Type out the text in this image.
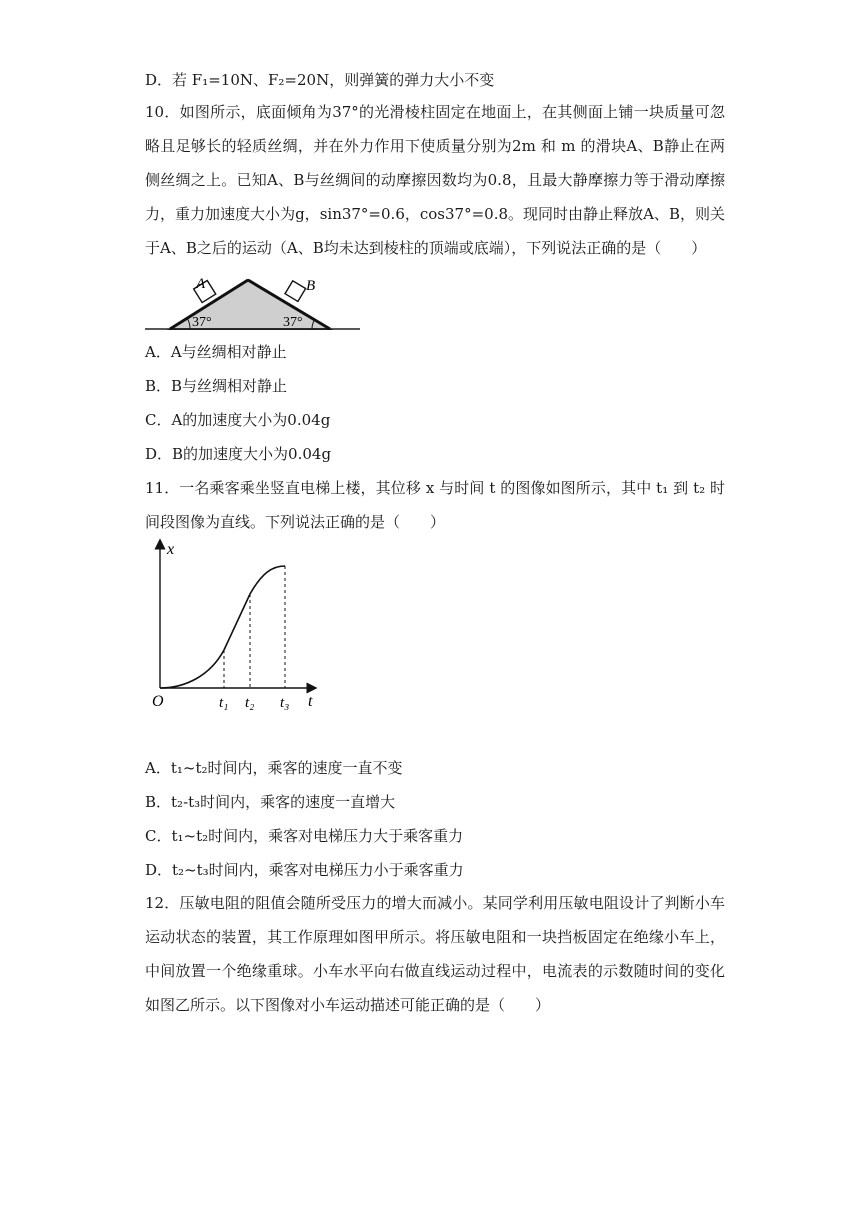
D．若 F₁=10N、F₂=20N，则弹簧的弹力大小不变
10．如图所示，底面倾角为37°的光滑棱柱固定在地面上，在其侧面上铺一块质量可忽略且足够长的轻质丝绸，并在外力作用下使质量分别为2m 和 m 的滑块A、B静止在两侧丝绸之上。已知A、B与丝绸间的动摩擦因数均为0.8，且最大静摩擦力等于滑动摩擦力，重力加速度大小为g，sin37°=0.6，cos37°=0.8。现同时由静止释放A、B，则关于A、B之后的运动（A、B均未达到棱柱的顶端或底端），下列说法正确的是（　　）
A	B
37°	37°
A．A与丝绸相对静止
B．B与丝绸相对静止
C．A的加速度大小为0.04g
D．B的加速度大小为0.04g
11．一名乘客乘坐竖直电梯上楼，其位移 x 与时间 t 的图像如图所示，其中 t₁ 到 t₂ 时间段图像为直线。下列说法正确的是（　　）
x
t
O	t₁ t₂ t₃
A．t₁~t₂时间内，乘客的速度一直不变
B．t₂-t₃时间内，乘客的速度一直增大
C．t₁~t₂时间内，乘客对电梯压力大于乘客重力
D．t₂~t₃时间内，乘客对电梯压力小于乘客重力
12．压敏电阻的阻值会随所受压力的增大而减小。某同学利用压敏电阻设计了判断小车运动状态的装置，其工作原理如图甲所示。将压敏电阻和一块挡板固定在绝缘小车上，中间放置一个绝缘重球。小车水平向右做直线运动过程中，电流表的示数随时间的变化如图乙所示。以下图像对小车运动描述可能正确的是（　　）
